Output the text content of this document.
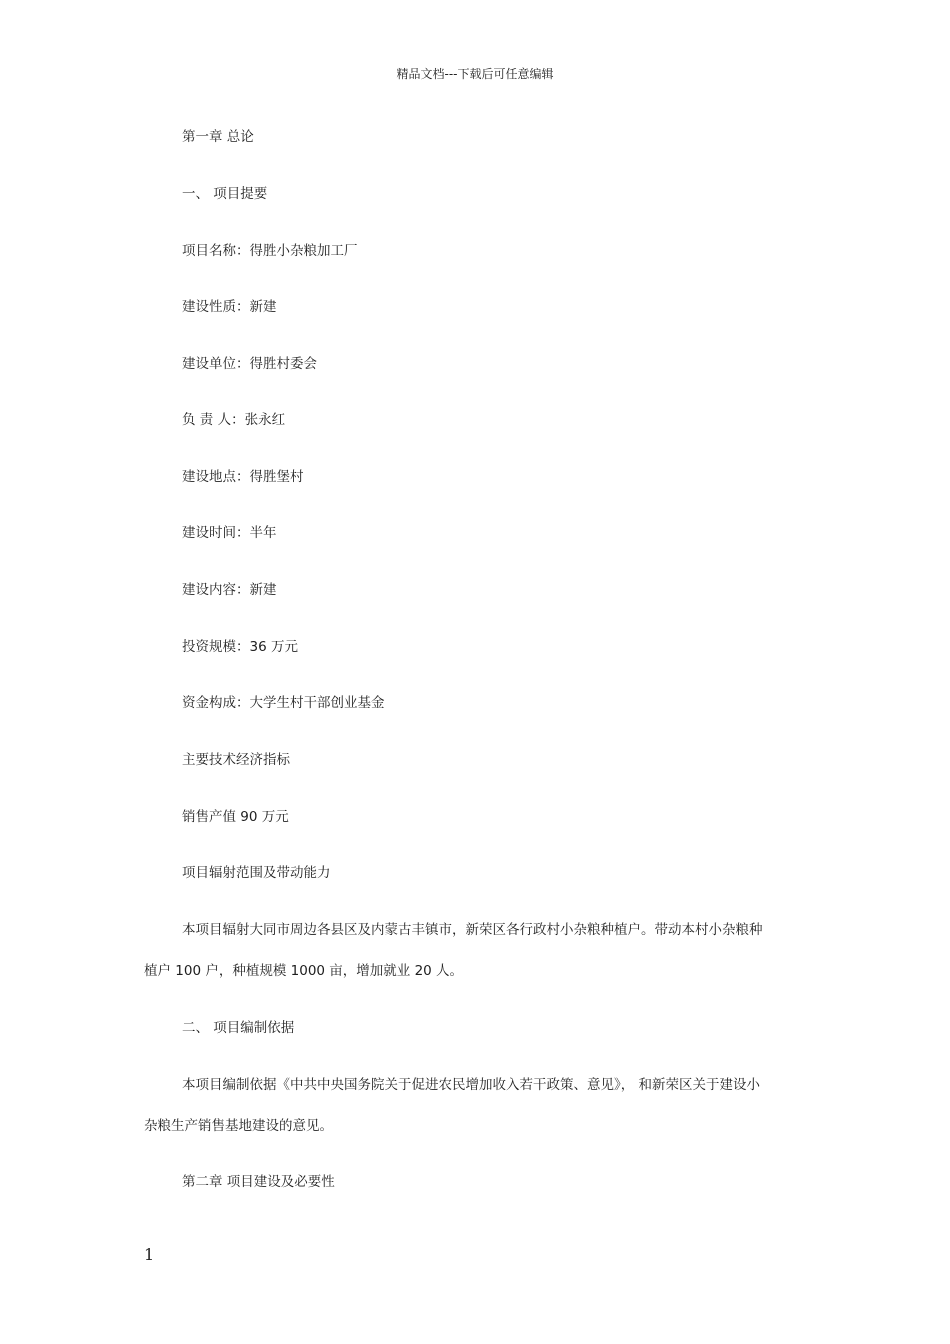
精品文档---下载后可任意编辑
第一章 总论
一、 项目提要
项目名称：得胜小杂粮加工厂
建设性质：新建
建设单位：得胜村委会
负 责 人：张永红
建设地点：得胜堡村
建设时间：半年
建设内容：新建
投资规模：36 万元
资金构成：大学生村干部创业基金
主要技术经济指标
销售产值 90 万元
项目辐射范围及带动能力
本项目辐射大同市周边各县区及内蒙古丰镇市，新荣区各行政村小杂粮种植户。带动本村小杂粮种
植户 100 户，种植规模 1000 亩，增加就业 20 人。
二、 项目编制依据
本项目编制依据《中共中央国务院关于促进农民增加收入若干政策、意见》， 和新荣区关于建设小
杂粮生产销售基地建设的意见。
第二章 项目建设及必要性
1
